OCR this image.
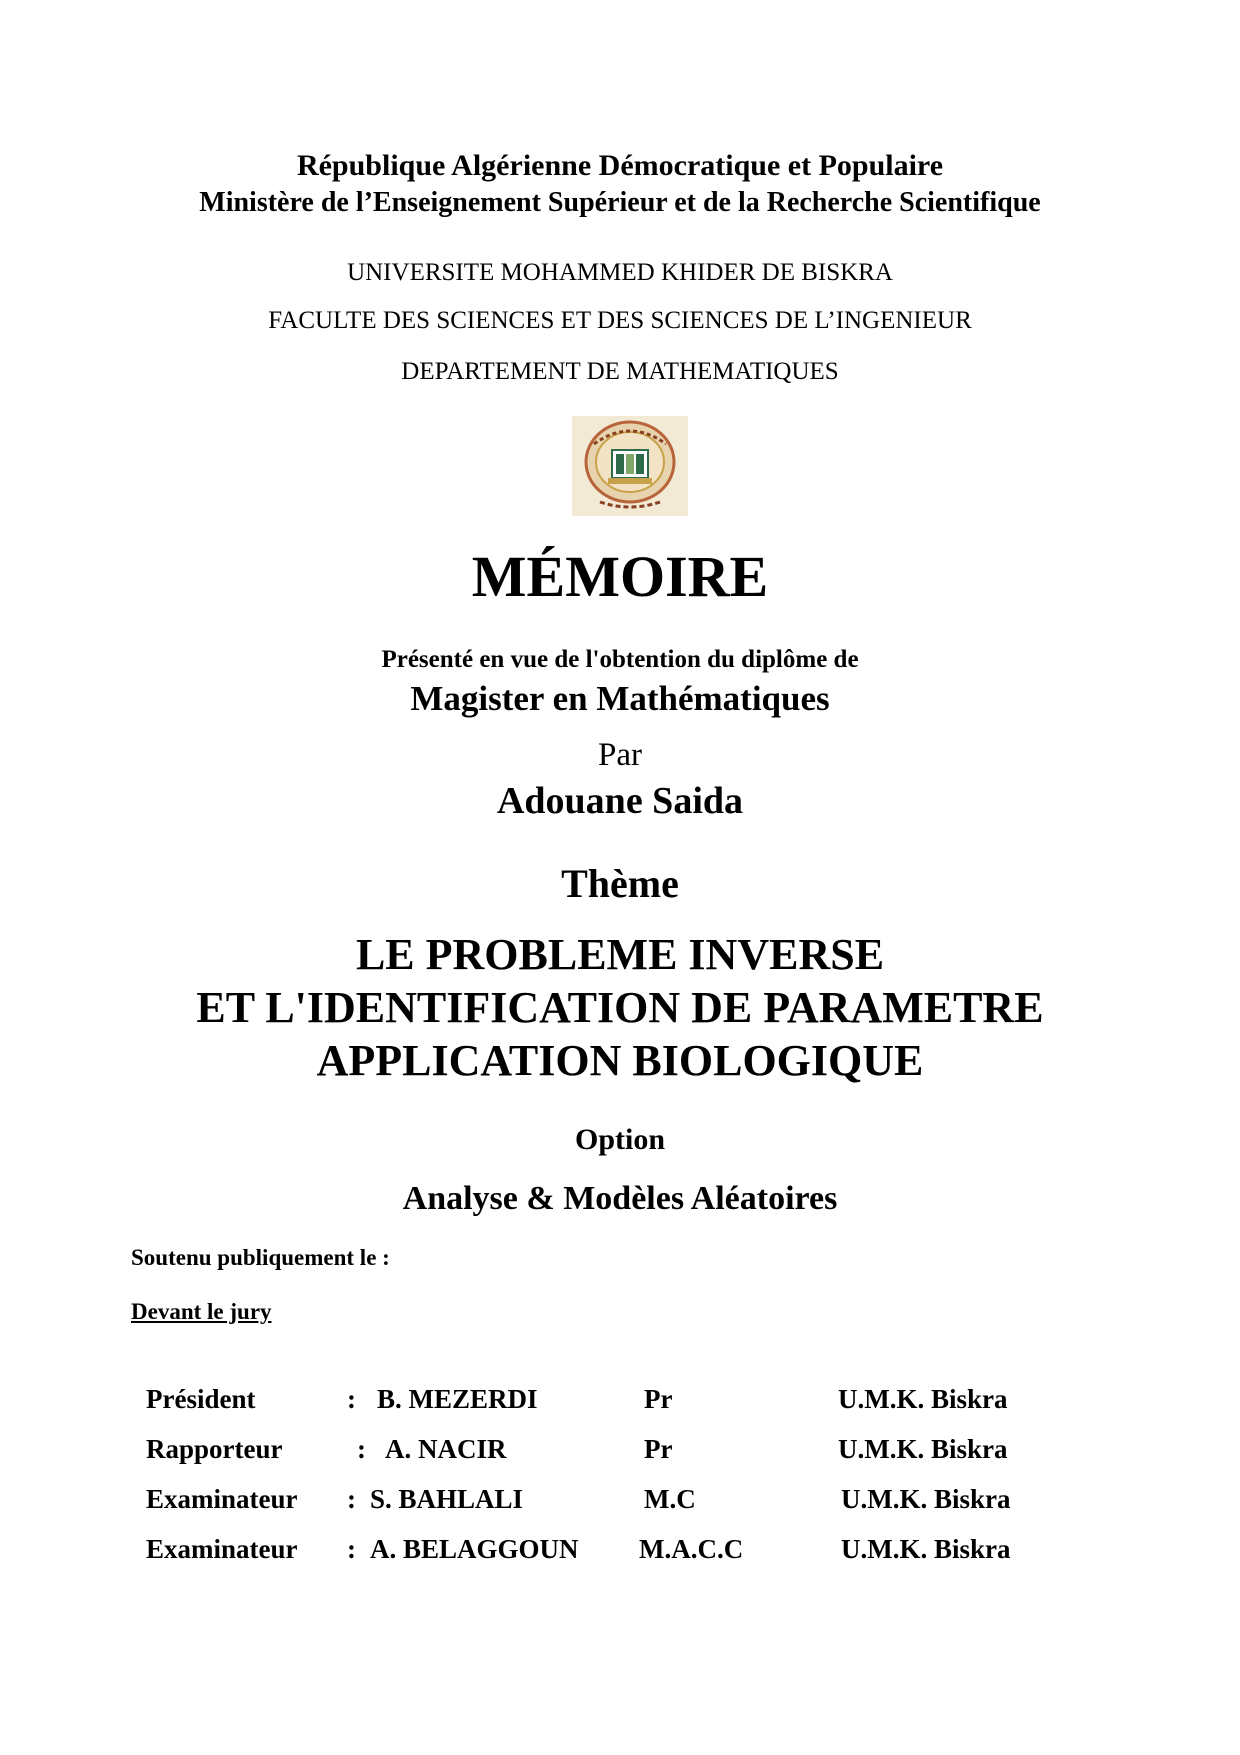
République Algérienne Démocratique et Populaire
Ministère de l’Enseignement Supérieur et de la Recherche Scientifique
UNIVERSITE MOHAMMED KHIDER DE BISKRA
FACULTE DES SCIENCES ET DES SCIENCES DE L’INGENIEUR
DEPARTEMENT DE MATHEMATIQUES
MÉMOIRE
Présenté en vue de l'obtention du diplôme de
Magister en Mathématiques
Par
Adouane Saida
Thème
LE PROBLEME INVERSE
ET L'IDENTIFICATION DE PARAMETRE
APPLICATION BIOLOGIQUE
Option
Analyse & Modèles Aléatoires
Soutenu publiquement le :
Devant le jury
Président	: B. MEZERDI	Pr	U.M.K. Biskra
Rapporteur	: A. NACIR	Pr	U.M.K. Biskra
Examinateur : S. BAHLALI	M.C	U.M.K. Biskra
Examinateur : A. BELAGGOUN M.A.C.C	U.M.K. Biskra
